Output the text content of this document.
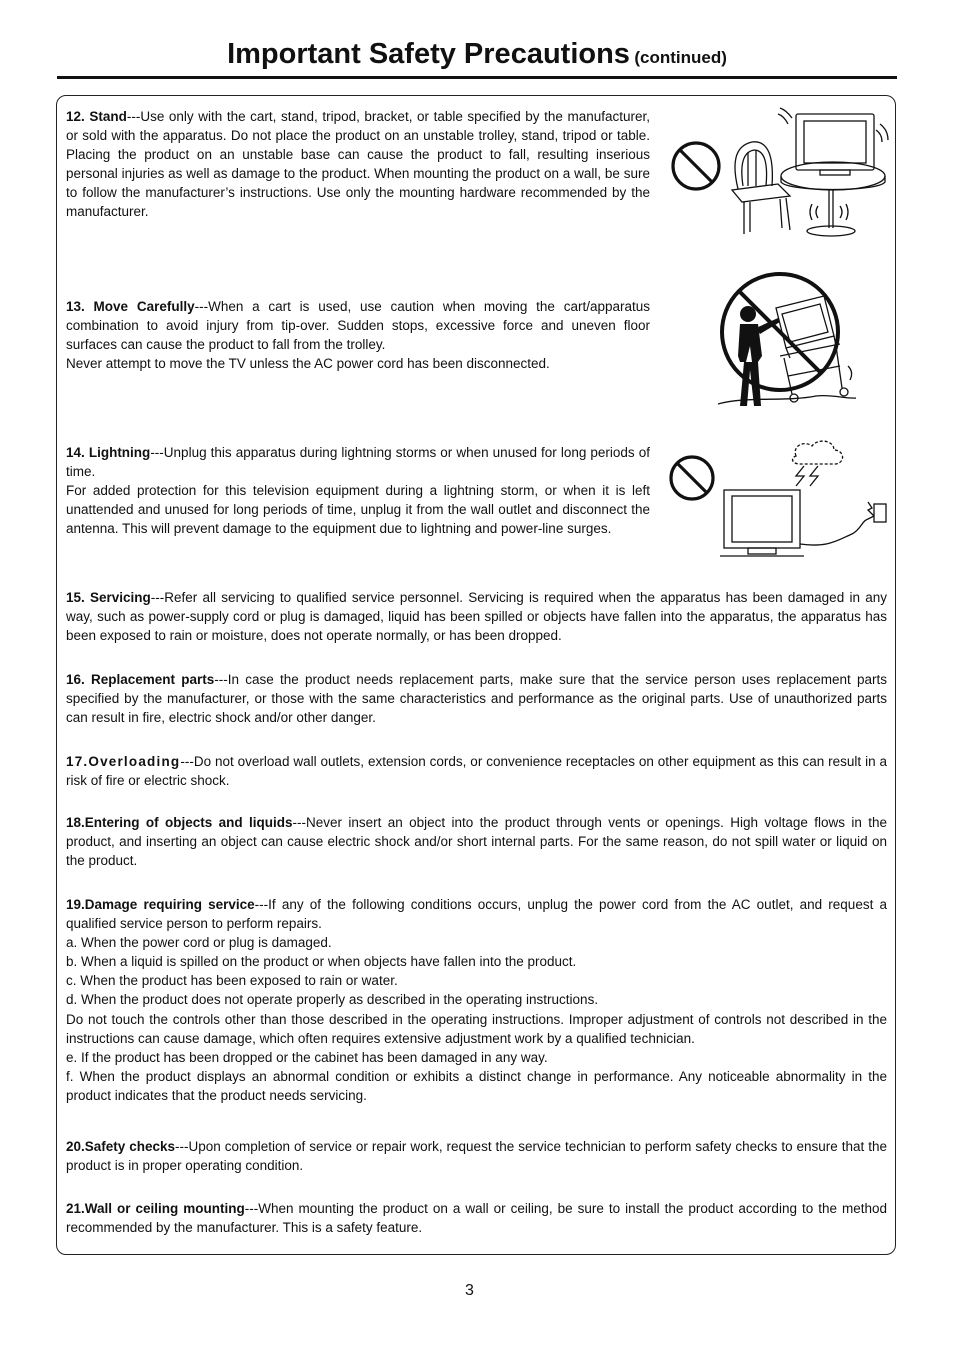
Important Safety Precautions (continued)

12. Stand---Use only with the cart, stand, tripod, bracket, or table specified by the manufacturer, or sold with the apparatus. Do not place the product on an unstable trolley, stand, tripod or table. Placing the product on an unstable base can cause the product to fall, resulting inserious personal injuries as well as damage to the product. When mounting the product on a wall, be sure to follow the manufacturer’s instructions. Use only the mounting hardware recommended by the manufacturer.

13. Move Carefully---When a cart is used, use caution when moving the cart/apparatus combination to avoid injury from tip-over. Sudden stops, excessive force and uneven floor surfaces can cause the product to fall from the trolley.
Never attempt to move the TV unless the AC power cord has been disconnected.

14. Lightning---Unplug this apparatus during lightning storms or when unused for long periods of time.
For added protection for this television equipment during a lightning storm, or when it is left unattended and unused for long periods of time, unplug it from the wall outlet and disconnect the antenna. This will prevent damage to the equipment due to lightning and power-line surges.

15. Servicing---Refer all servicing to qualified service personnel. Servicing is required when the apparatus has been damaged in any way, such as power-supply cord or plug is damaged, liquid has been spilled or objects have fallen into the apparatus, the apparatus has been exposed to rain or moisture, does not operate normally, or has been dropped.

16. Replacement parts---In case the product needs replacement parts, make sure that the service person uses replacement parts specified by the manufacturer, or those with the same characteristics and performance as the original parts. Use of unauthorized parts can result in fire, electric shock and/or other danger.

17.Overloading---Do not overload wall outlets, extension cords, or convenience receptacles on other equipment as this can result in a risk of fire or electric shock.

18.Entering of objects and liquids---Never insert an object into the product through vents or openings. High voltage flows in the product, and inserting an object can cause electric shock and/or short internal parts. For the same reason, do not spill water or liquid on the product.

19.Damage requiring service---If any of the following conditions occurs, unplug the power cord from the AC outlet, and request a qualified service person to perform repairs.
a. When the power cord or plug is damaged.
b. When a liquid is spilled on the product or when objects have fallen into the product.
c. When the product has been exposed to rain or water.
d. When the product does not operate properly as described in the operating instructions.
Do not touch the controls other than those described in the operating instructions. Improper adjustment of controls not described in the instructions can cause damage, which often requires extensive adjustment work by a qualified technician.
e. If the product has been dropped or the cabinet has been damaged in any way.
f. When the product displays an abnormal condition or exhibits a distinct change in performance. Any noticeable abnormality in the product indicates that the product needs servicing.

20.Safety checks---Upon completion of service or repair work, request the service technician to perform safety checks to ensure that the product is in proper operating condition.

21.Wall or ceiling mounting---When mounting the product on a wall or ceiling, be sure to install the product according to the method recommended by the manufacturer. This is a safety feature.

3
